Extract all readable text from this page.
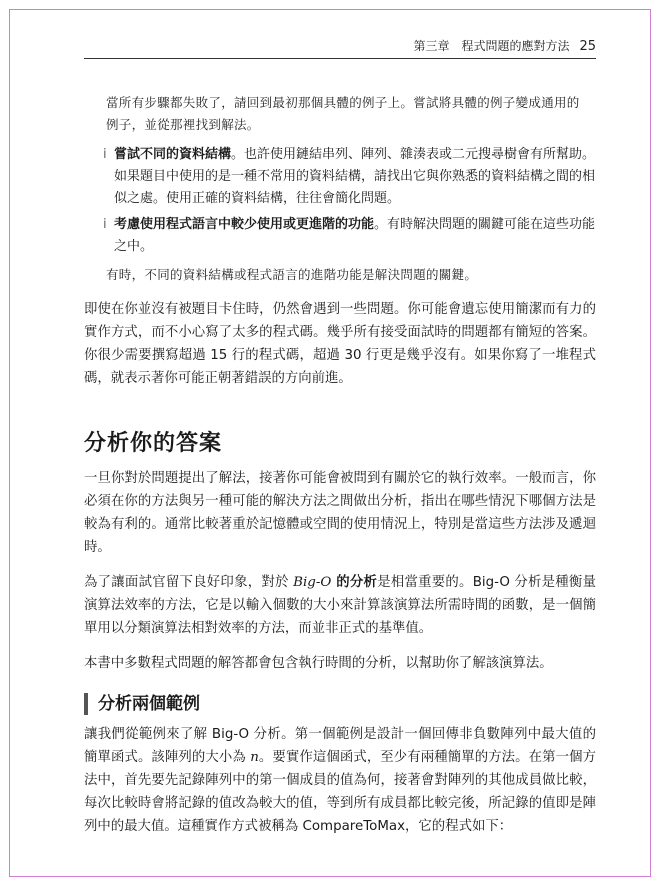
第三章　程式問題的應對方法 25

當所有步驟都失敗了，請回到最初那個具體的例子上。嘗試將具體的例子變成通用的例子，並從那裡找到解法。

i 嘗試不同的資料結構。也許使用鏈結串列、陣列、雜湊表或二元搜尋樹會有所幫助。如果題目中使用的是一種不常用的資料結構，請找出它與你熟悉的資料結構之間的相似之處。使用正確的資料結構，往往會簡化問題。
i 考慮使用程式語言中較少使用或更進階的功能。有時解決問題的關鍵可能在這些功能之中。

有時，不同的資料結構或程式語言的進階功能是解決問題的關鍵。

即使在你並沒有被題目卡住時，仍然會遇到一些問題。你可能會遺忘使用簡潔而有力的實作方式，而不小心寫了太多的程式碼。幾乎所有接受面試時的問題都有簡短的答案。你很少需要撰寫超過 15 行的程式碼，超過 30 行更是幾乎沒有。如果你寫了一堆程式碼，就表示著你可能正朝著錯誤的方向前進。

分析你的答案

一旦你對於問題提出了解法，接著你可能會被問到有關於它的執行效率。一般而言，你必須在你的方法與另一種可能的解決方法之間做出分析，指出在哪些情況下哪個方法是較為有利的。通常比較著重於記憶體或空間的使用情況上，特別是當這些方法涉及遞迴時。

為了讓面試官留下良好印象，對於 Big-O 的分析是相當重要的。Big-O 分析是種衡量演算法效率的方法，它是以輸入個數的大小來計算該演算法所需時間的函數，是一個簡單用以分類演算法相對效率的方法，而並非正式的基準值。

本書中多數程式問題的解答都會包含執行時間的分析，以幫助你了解該演算法。

分析兩個範例

讓我們從範例來了解 Big-O 分析。第一個範例是設計一個回傳非負數陣列中最大值的簡單函式。該陣列的大小為 n。要實作這個函式，至少有兩種簡單的方法。在第一個方法中，首先要先記錄陣列中的第一個成員的值為何，接著會對陣列的其他成員做比較，每次比較時會將記錄的值改為較大的值，等到所有成員都比較完後，所記錄的值即是陣列中的最大值。這種實作方式被稱為 CompareToMax，它的程式如下：
